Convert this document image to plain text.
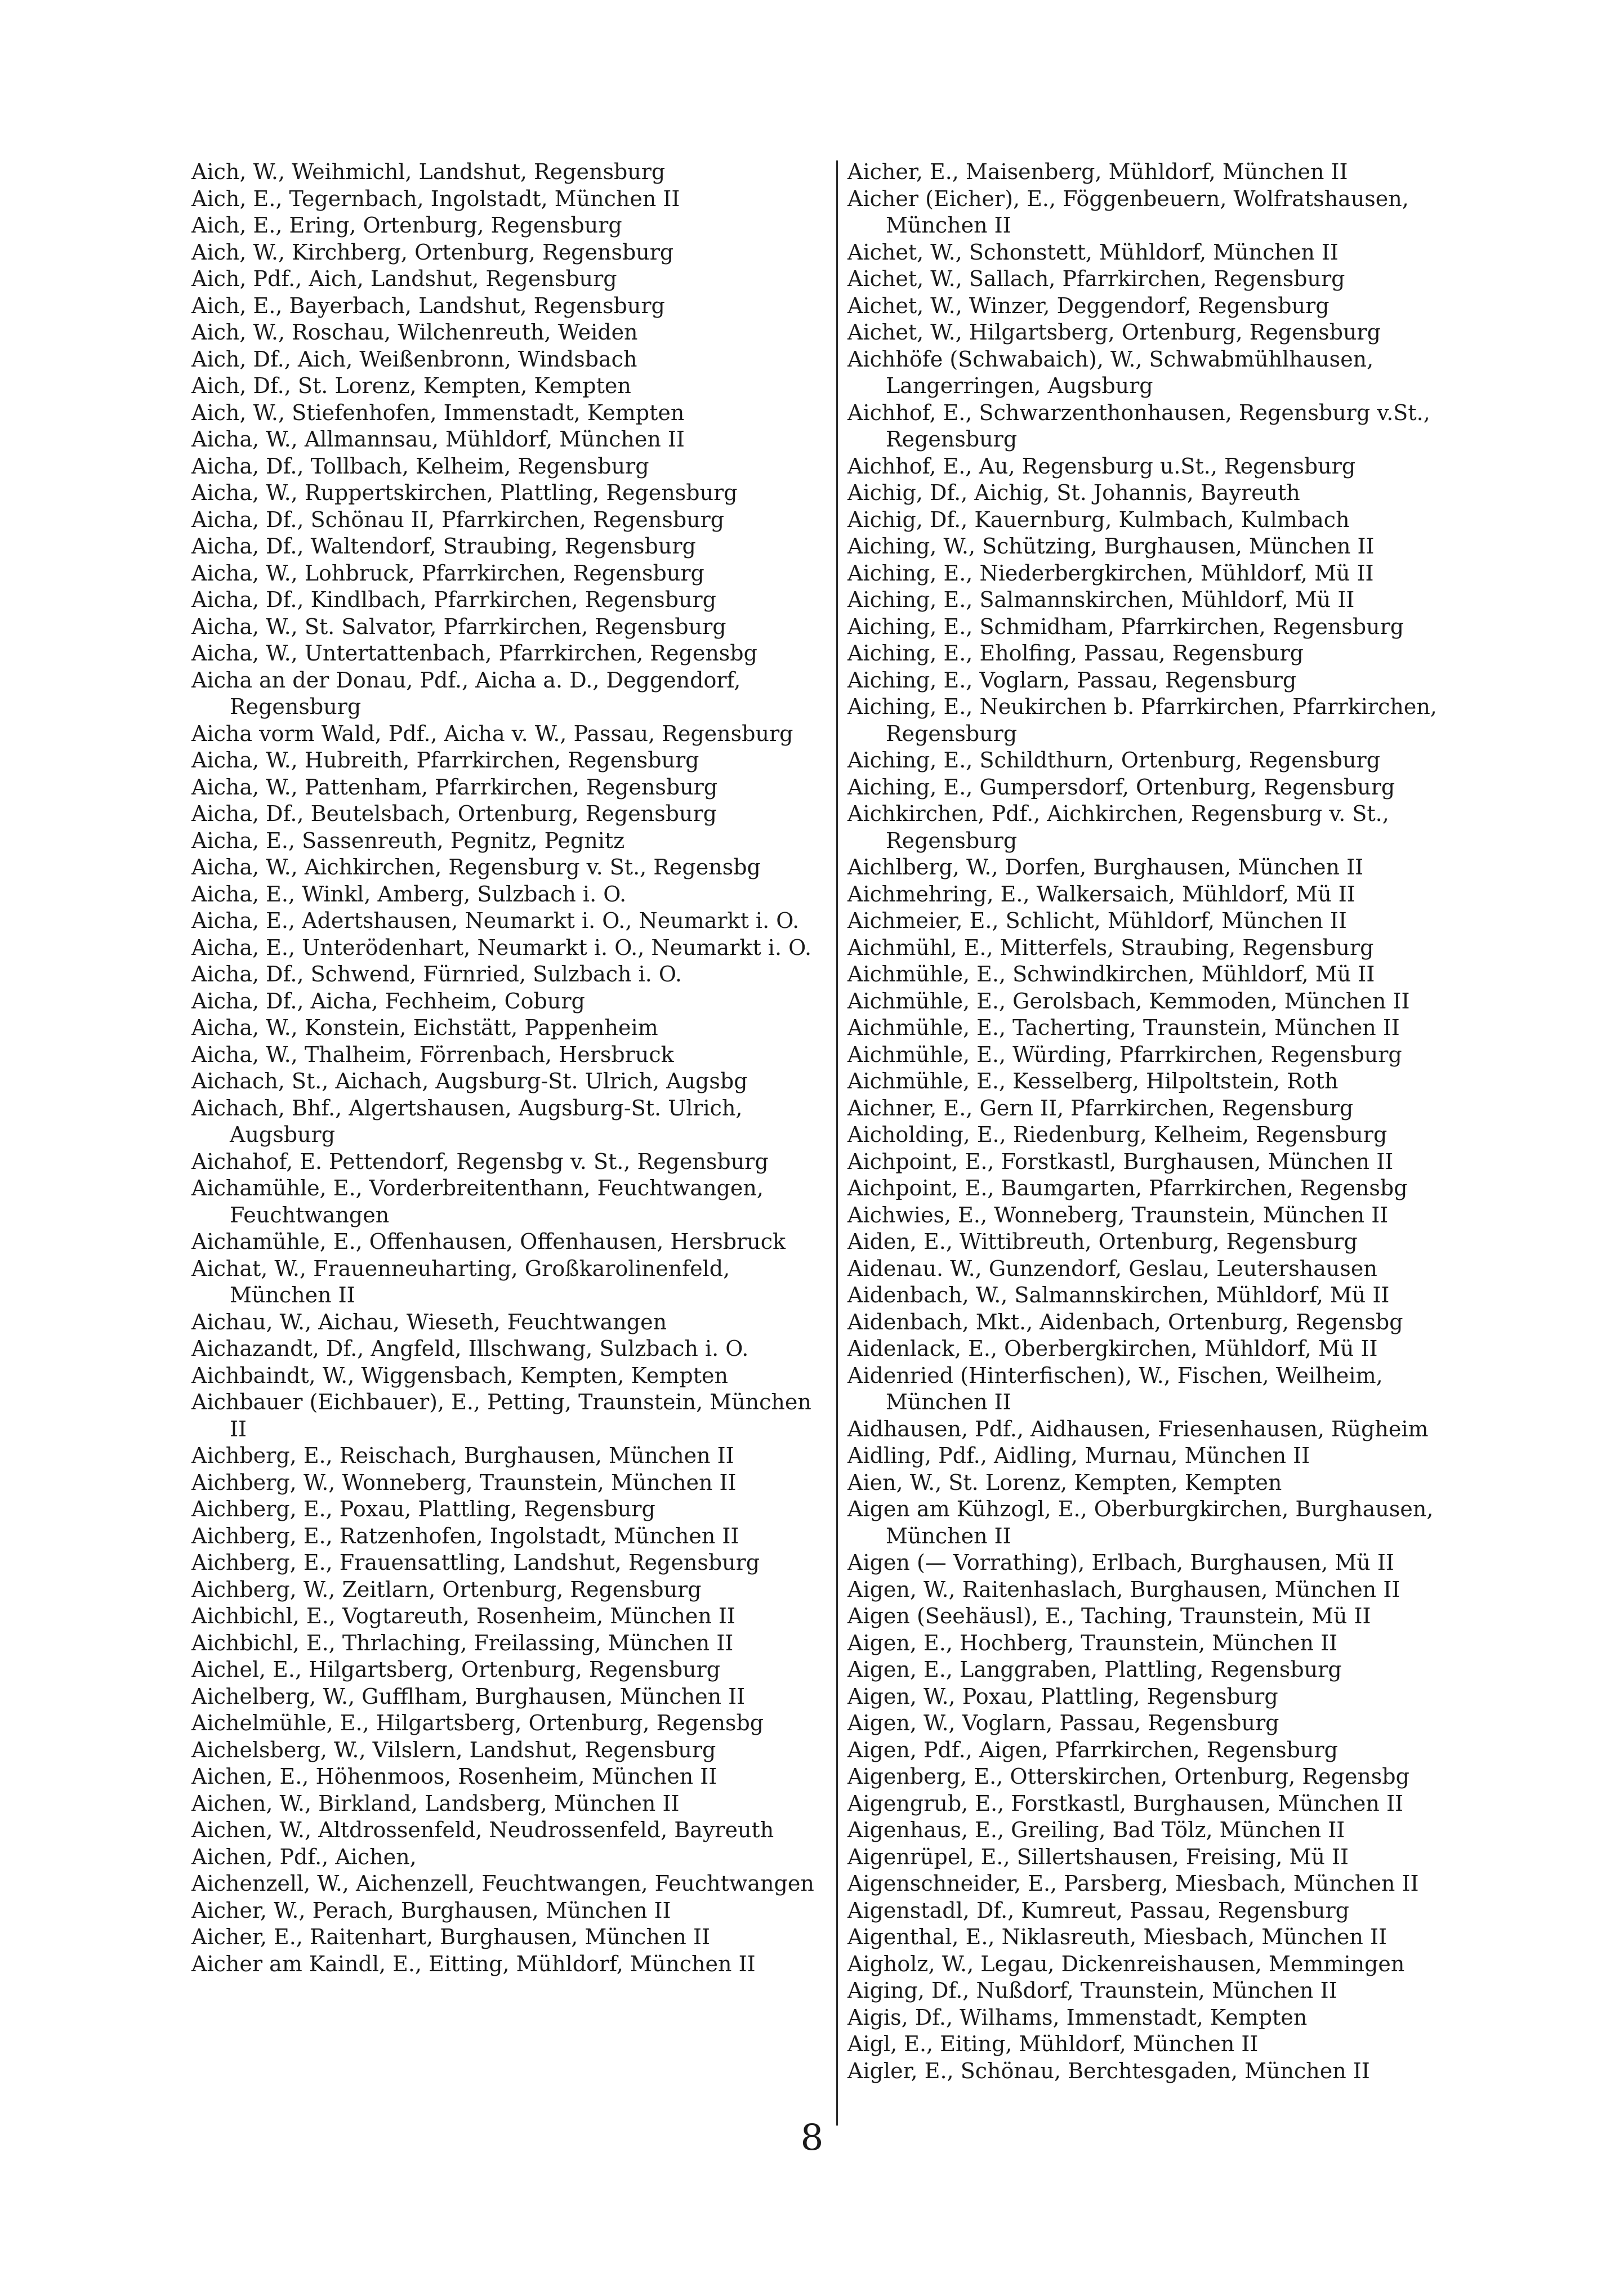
Aich, W., Weihmichl, Landshut, Regensburg

Aich, E., Tegernbach, Ingolstadt, München II

Aich, E., Ering, Ortenburg, Regensburg

Aich, W., Kirchberg, Ortenburg, Regensburg

Aich, Pdf., Aich, Landshut, Regensburg

Aich, E., Bayerbach, Landshut, Regensburg

Aich, W., Roschau, Wilchenreuth, Weiden

Aich, Df., Aich, Weißenbronn, Windsbach

Aich, Df., St. Lorenz, Kempten, Kempten

Aich, W., Stiefenhofen, Immenstadt, Kempten

Aicha, W., Allmannsau, Mühldorf, München II

Aicha, Df., Tollbach, Kelheim, Regensburg

Aicha, W., Ruppertskirchen, Plattling, Regensburg

Aicha, Df., Schönau II, Pfarrkirchen, Regensburg

Aicha, Df., Waltendorf, Straubing, Regensburg

Aicha, W., Lohbruck, Pfarrkirchen, Regensburg

Aicha, Df., Kindlbach, Pfarrkirchen, Regensburg

Aicha, W., St. Salvator, Pfarrkirchen, Regensburg

Aicha, W., Untertattenbach, Pfarrkirchen, Regensbg

Aicha an der Donau, Pdf., Aicha a. D., Deggendorf, Regensburg

Aicha vorm Wald, Pdf., Aicha v. W., Passau, Regensburg

Aicha, W., Hubreith, Pfarrkirchen, Regensburg

Aicha, W., Pattenham, Pfarrkirchen, Regensburg

Aicha, Df., Beutelsbach, Ortenburg, Regensburg

Aicha, E., Sassenreuth, Pegnitz, Pegnitz

Aicha, W., Aichkirchen, Regensburg v. St., Regensbg

Aicha, E., Winkl, Amberg, Sulzbach i. O.

Aicha, E., Adertshausen, Neumarkt i. O., Neumarkt i. O.

Aicha, E., Unterödenhart, Neumarkt i. O., Neumarkt i. O.

Aicha, Df., Schwend, Fürnried, Sulzbach i. O.

Aicha, Df., Aicha, Fechheim, Coburg

Aicha, W., Konstein, Eichstätt, Pappenheim

Aicha, W., Thalheim, Förrenbach, Hersbruck

Aichach, St., Aichach, Augsburg-St. Ulrich, Augsbg

Aichach, Bhf., Algertshausen, Augsburg-St. Ulrich, Augsburg

Aichahof, E. Pettendorf, Regensbg v. St., Regensburg

Aichamühle, E., Vorderbreitenthann, Feuchtwangen, Feuchtwangen

Aichamühle, E., Offenhausen, Offenhausen, Hersbruck

Aichat, W., Frauenneuharting, Großkarolinenfeld, München II

Aichau, W., Aichau, Wieseth, Feuchtwangen

Aichazandt, Df., Angfeld, Illschwang, Sulzbach i. O.

Aichbaindt, W., Wiggensbach, Kempten, Kempten

Aichbauer (Eichbauer), E., Petting, Traunstein, München II

Aichberg, E., Reischach, Burghausen, München II

Aichberg, W., Wonneberg, Traunstein, München II

Aichberg, E., Poxau, Plattling, Regensburg

Aichberg, E., Ratzenhofen, Ingolstadt, München II

Aichberg, E., Frauensattling, Landshut, Regensburg

Aichberg, W., Zeitlarn, Ortenburg, Regensburg

Aichbichl, E., Vogtareuth, Rosenheim, München II

Aichbichl, E., Thrlaching, Freilassing, München II

Aichel, E., Hilgartsberg, Ortenburg, Regensburg

Aichelberg, W., Gufflham, Burghausen, München II

Aichelmühle, E., Hilgartsberg, Ortenburg, Regensbg

Aichelsberg, W., Vilslern, Landshut, Regensburg

Aichen, E., Höhenmoos, Rosenheim, München II

Aichen, W., Birkland, Landsberg, München II

Aichen, W., Altdrossenfeld, Neudrossenfeld, Bayreuth

Aichen, Pdf., Aichen,

Aichenzell, W., Aichenzell, Feuchtwangen, Feuchtwangen

Aicher, W., Perach, Burghausen, München II

Aicher, E., Raitenhart, Burghausen, München II

Aicher am Kaindl, E., Eitting, Mühldorf, München II

Aicher, E., Maisenberg, Mühldorf, München II

Aicher (Eicher), E., Föggenbeuern, Wolfratshausen, München II

Aichet, W., Schonstett, Mühldorf, München II

Aichet, W., Sallach, Pfarrkirchen, Regensburg

Aichet, W., Winzer, Deggendorf, Regensburg

Aichet, W., Hilgartsberg, Ortenburg, Regensburg

Aichhöfe (Schwabaich), W., Schwabmühlhausen, Langerringen, Augsburg

Aichhof, E., Schwarzenthonhausen, Regensburg v.St., Regensburg

Aichhof, E., Au, Regensburg u.St., Regensburg

Aichig, Df., Aichig, St. Johannis, Bayreuth

Aichig, Df., Kauernburg, Kulmbach, Kulmbach

Aiching, W., Schützing, Burghausen, München II

Aiching, E., Niederbergkirchen, Mühldorf, Mü II

Aiching, E., Salmannskirchen, Mühldorf, Mü II

Aiching, E., Schmidham, Pfarrkirchen, Regensburg

Aiching, E., Eholfing, Passau, Regensburg

Aiching, E., Voglarn, Passau, Regensburg

Aiching, E., Neukirchen b. Pfarrkirchen, Pfarrkirchen, Regensburg

Aiching, E., Schildthurn, Ortenburg, Regensburg

Aiching, E., Gumpersdorf, Ortenburg, Regensburg

Aichkirchen, Pdf., Aichkirchen, Regensburg v. St., Regensburg

Aichlberg, W., Dorfen, Burghausen, München II

Aichmehring, E., Walkersaich, Mühldorf, Mü II

Aichmeier, E., Schlicht, Mühldorf, München II

Aichmühl, E., Mitterfels, Straubing, Regensburg

Aichmühle, E., Schwindkirchen, Mühldorf, Mü II

Aichmühle, E., Gerolsbach, Kemmoden, München II

Aichmühle, E., Tacherting, Traunstein, München II

Aichmühle, E., Würding, Pfarrkirchen, Regensburg

Aichmühle, E., Kesselberg, Hilpoltstein, Roth

Aichner, E., Gern II, Pfarrkirchen, Regensburg

Aicholding, E., Riedenburg, Kelheim, Regensburg

Aichpoint, E., Forstkastl, Burghausen, München II

Aichpoint, E., Baumgarten, Pfarrkirchen, Regensbg

Aichwies, E., Wonneberg, Traunstein, München II

Aiden, E., Wittibreuth, Ortenburg, Regensburg

Aidenau. W., Gunzendorf, Geslau, Leutershausen

Aidenbach, W., Salmannskirchen, Mühldorf, Mü II

Aidenbach, Mkt., Aidenbach, Ortenburg, Regensbg

Aidenlack, E., Oberbergkirchen, Mühldorf, Mü II

Aidenried (Hinterfischen), W., Fischen, Weilheim, München II

Aidhausen, Pdf., Aidhausen, Friesenhausen, Rügheim

Aidling, Pdf., Aidling, Murnau, München II

Aien, W., St. Lorenz, Kempten, Kempten

Aigen am Kühzogl, E., Oberburgkirchen, Burghausen, München II

Aigen (— Vorrathing), Erlbach, Burghausen, Mü II

Aigen, W., Raitenhaslach, Burghausen, München II

Aigen (Seehäusl), E., Taching, Traunstein, Mü II

Aigen, E., Hochberg, Traunstein, München II

Aigen, E., Langgraben, Plattling, Regensburg

Aigen, W., Poxau, Plattling, Regensburg

Aigen, W., Voglarn, Passau, Regensburg

Aigen, Pdf., Aigen, Pfarrkirchen, Regensburg

Aigenberg, E., Otterskirchen, Ortenburg, Regensbg

Aigengrub, E., Forstkastl, Burghausen, München II

Aigenhaus, E., Greiling, Bad Tölz, München II

Aigenrüpel, E., Sillertshausen, Freising, Mü II

Aigenschneider, E., Parsberg, Miesbach, München II

Aigenstadl, Df., Kumreut, Passau, Regensburg

Aigenthal, E., Niklasreuth, Miesbach, München II

Aigholz, W., Legau, Dickenreishausen, Memmingen

Aiging, Df., Nußdorf, Traunstein, München II

Aigis, Df., Wilhams, Immenstadt, Kempten

Aigl, E., Eiting, Mühldorf, München II

Aigler, E., Schönau, Berchtesgaden, München II

8
